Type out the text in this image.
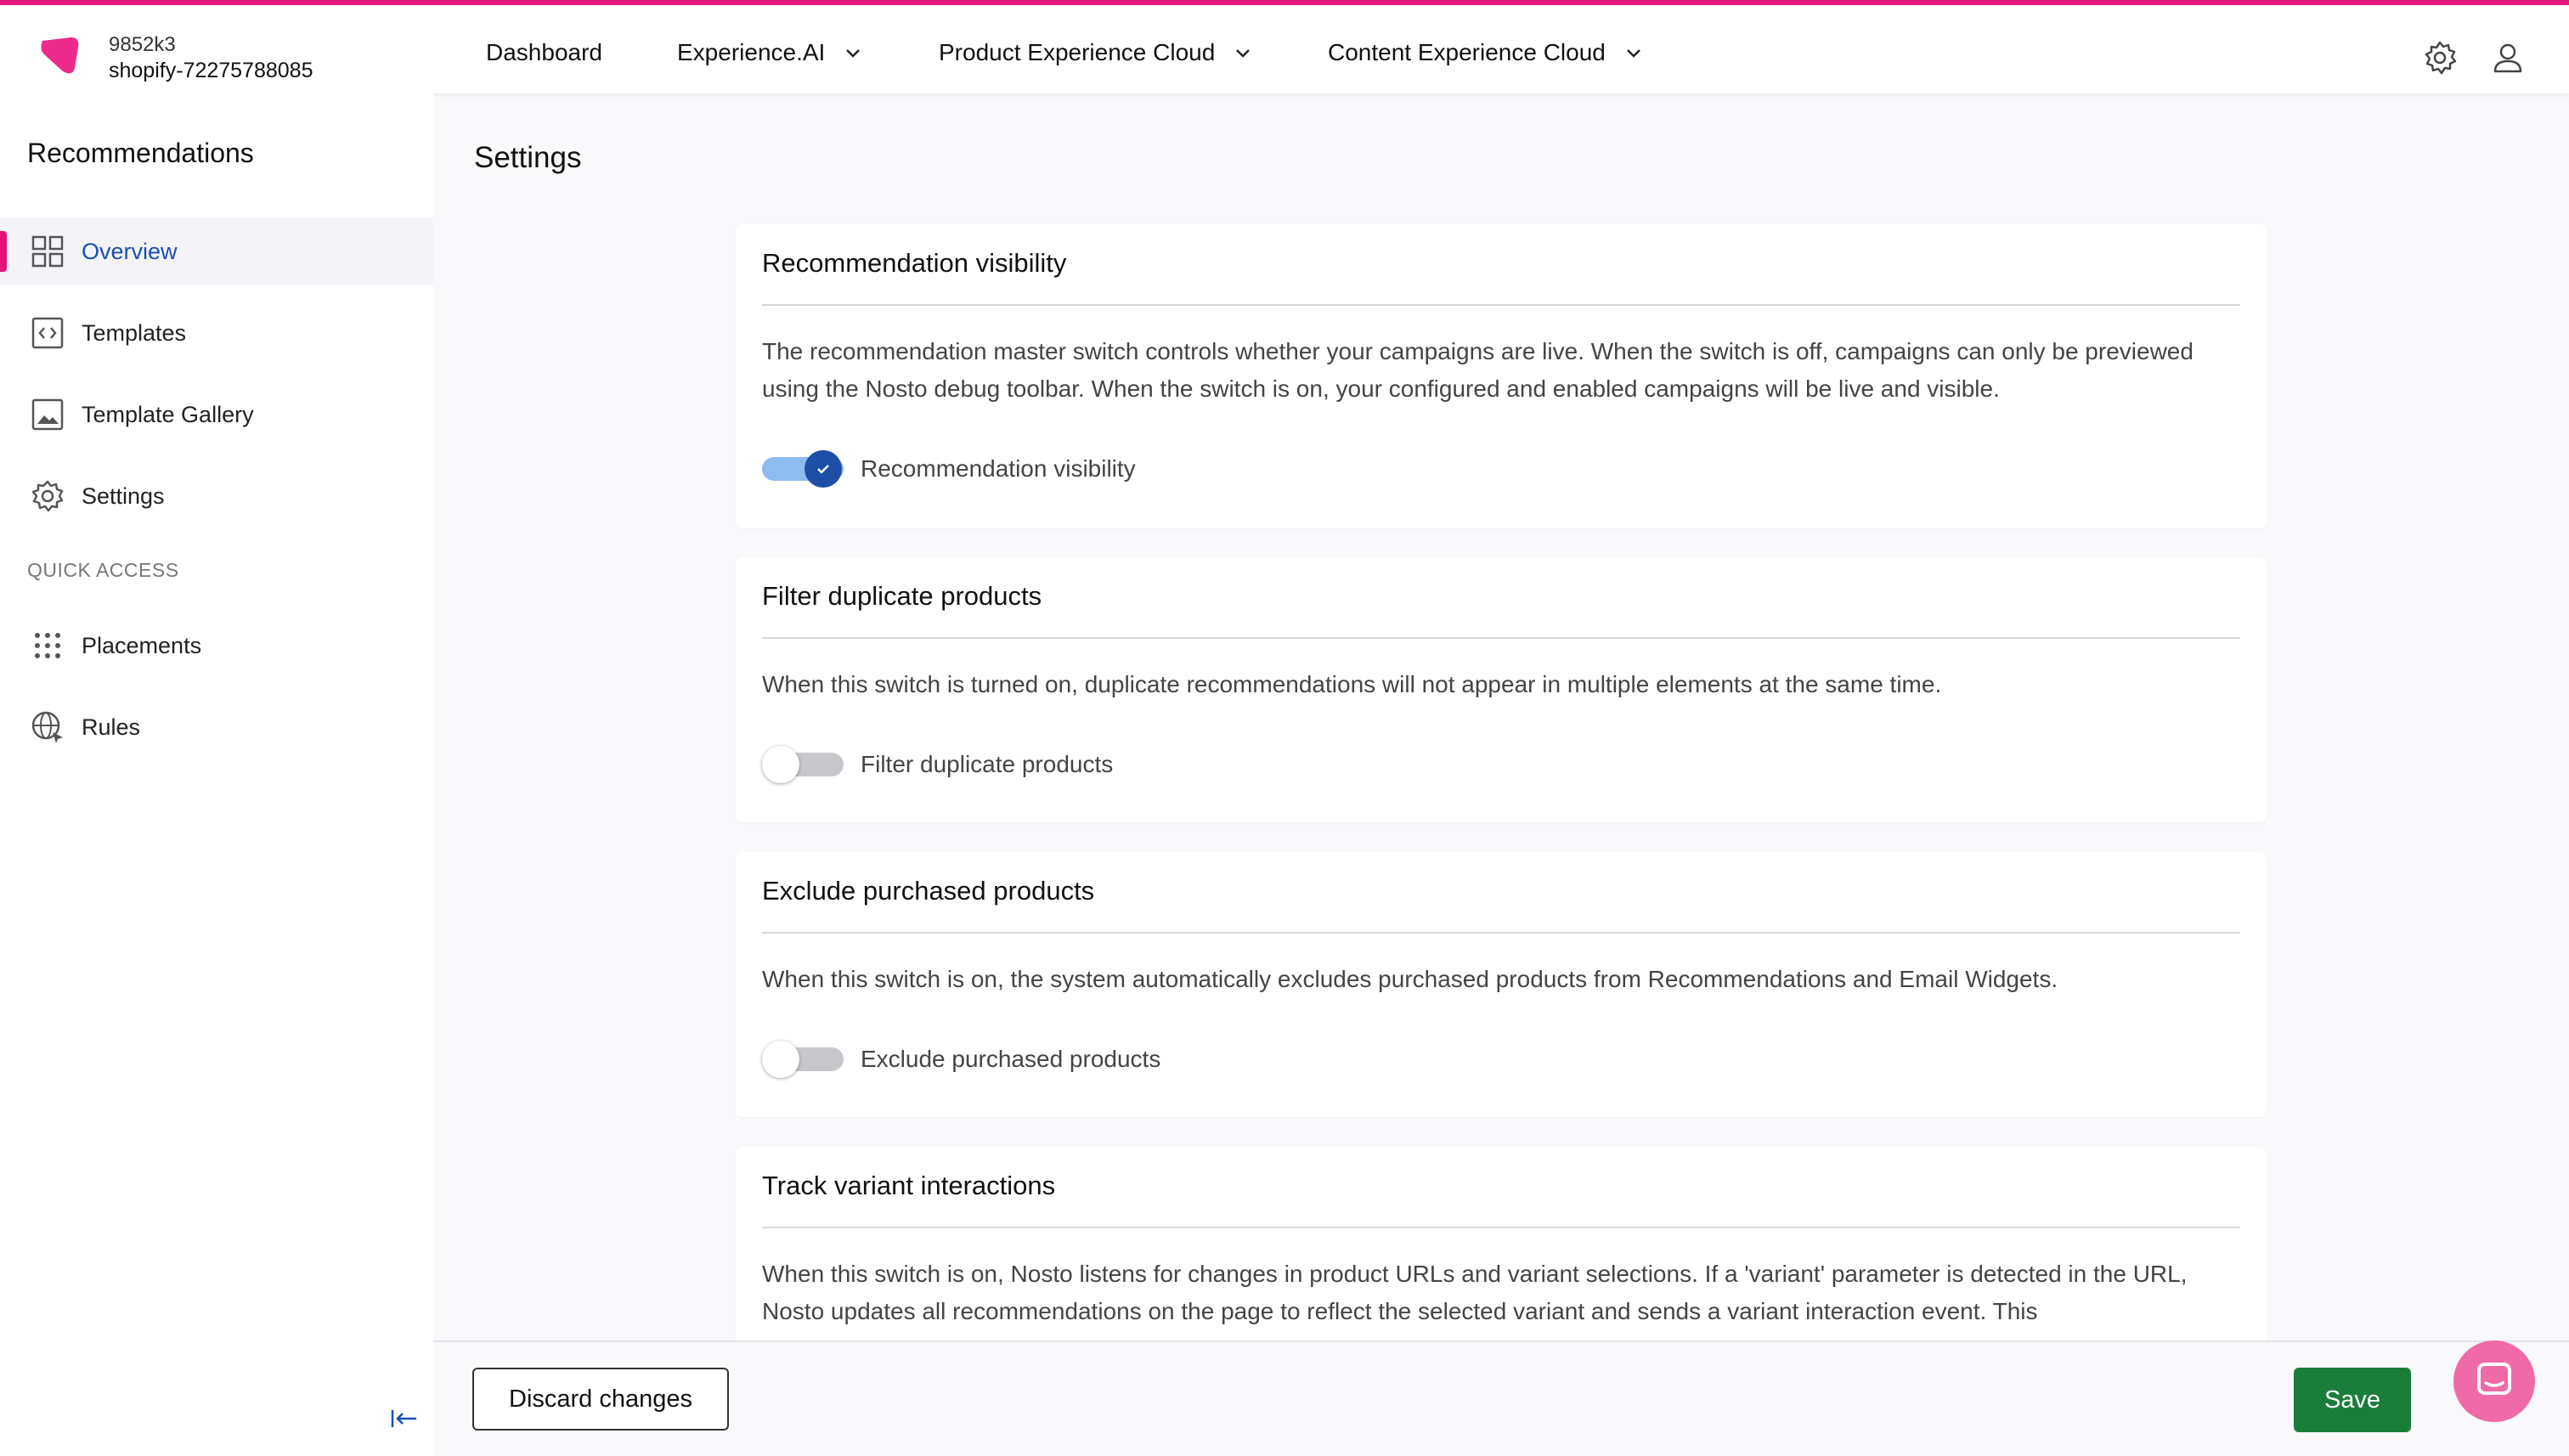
9852k3
shopify-72275788085
Dashboard	Experience.AI	Product Experience Cloud	Content Experience Cloud
Recommendations
Overview
Templates
Template Gallery
Settings
QUICK ACCESS
Placements
Rules
Settings
Recommendation visibility

The recommendation master switch controls whether your campaigns are live. When the switch is off, campaigns can only be previewed using the Nosto debug toolbar. When the switch is on, your configured and enabled campaigns will be live and visible.

Recommendation visibility
Filter duplicate products

When this switch is turned on, duplicate recommendations will not appear in multiple elements at the same time.

Filter duplicate products
Exclude purchased products

When this switch is on, the system automatically excludes purchased products from Recommendations and Email Widgets.

Exclude purchased products
Track variant interactions

When this switch is on, Nosto listens for changes in product URLs and variant selections. If a 'variant' parameter is detected in the URL, Nosto updates all recommendations on the page to reflect the selected variant and sends a variant interaction event. This

Discard changes	Save
